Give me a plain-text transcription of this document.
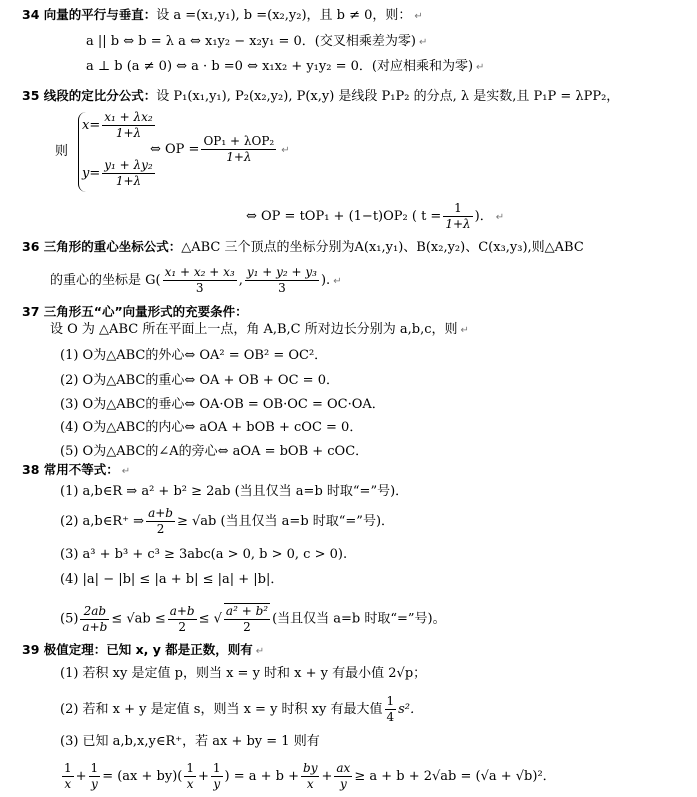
34 向量的平行与垂直：设 a =(x₁,y₁), b =(x₂,y₂)，且 b ≠ 0，则： ↵
a || b ⇔ b = λ a ⇔ x₁y₂ − x₂y₁ = 0．(交叉相乘差为零) ↵
a ⊥ b (a ≠ 0) ⇔ a · b =0 ⇔ x₁x₂ + y₁y₂ = 0．(对应相乘和为零) ↵
35 线段的定比分公式：设 P₁(x₁,y₁), P₂(x₂,y₂), P(x,y) 是线段 P₁P₂ 的分点, λ 是实数,且 P₁P = λPP₂，
则
$x= \frac{\text{x₁ + λx₂}}{1+\lambda}$
$y= \frac{\text{y₁ + λy₂}}{1+\lambda}$
⇔ OP = $\frac{\text{OP₁ + λOP₂}}{1+\lambda}$ ↵
⇔ OP = tOP₁ + (1−t)OP₂ ( $t = \frac{1}{1+\lambda}$ )． ↵
36 三角形的重心坐标公式：△ABC 三个顶点的坐标分别为A(x₁,y₁)、B(x₂,y₂)、C(x₃,y₃),则△ABC
的重心的坐标是 $G( \frac{\text{x₁ + x₂ + x₃}}{3}$ , $\frac{\text{y₁ + y₂ + y₃}}{3}$ ). ↵
37 三角形五“心”向量形式的充要条件：
设 O 为 △ABC 所在平面上一点，角 A,B,C 所对边长分别为 a,b,c，则 ↵
(1) O为△ABC的外心⇔ OA² = OB² = OC²．
(2) O为△ABC的重心⇔ OA + OB + OC = 0．
(3) O为△ABC的垂心⇔ OA·OB = OB·OC = OC·OA．
(4) O为△ABC的内心⇔ aOA + bOB + cOC = 0．
(5) O为△ABC的∠A的旁心⇔ aOA = bOB + cOC．
38 常用不等式： ↵
(1) a,b∈R ⇒ a² + b² ≥ 2ab (当且仅当 a=b 时取“=”号)．
(2) a,b∈R⁺ ⇒ $\frac{a+b}{2} \ge √ab$ (当且仅当 a=b 时取“=”号)．
(3) a³ + b³ + c³ ≥ 3abc(a > 0, b > 0, c > 0).
(4) |a| − |b| ≤ |a + b| ≤ |a| + |b|．
$(5) \frac{2ab}{a+b} \le √ab \le \frac{a+b}{2}$ ≤ √ $\frac{\text{a² + b²}}{2}$ (当且仅当 a=b 时取“=”号)。
39 极值定理：已知 x, y 都是正数，则有 ↵
(1) 若积 xy 是定值 p，则当 x = y 时和 x + y 有最小值 2√p；
(2) 若和 x + y 是定值 s，则当 x = y 时积 xy 有最大值 $\frac{1}{4} s^2$．
(3) 已知 a,b,x,y∈R⁺，若 ax + by = 1 则有
$\frac{1}{x} + \frac{1}{y} = (ax + by)( \frac{1}{x} + \frac{1}{y}$ ) = $a + b + \frac{by}{x} + \frac{ax}{y} \ge a + b + 2√ab = (√a + √b)^2$．
